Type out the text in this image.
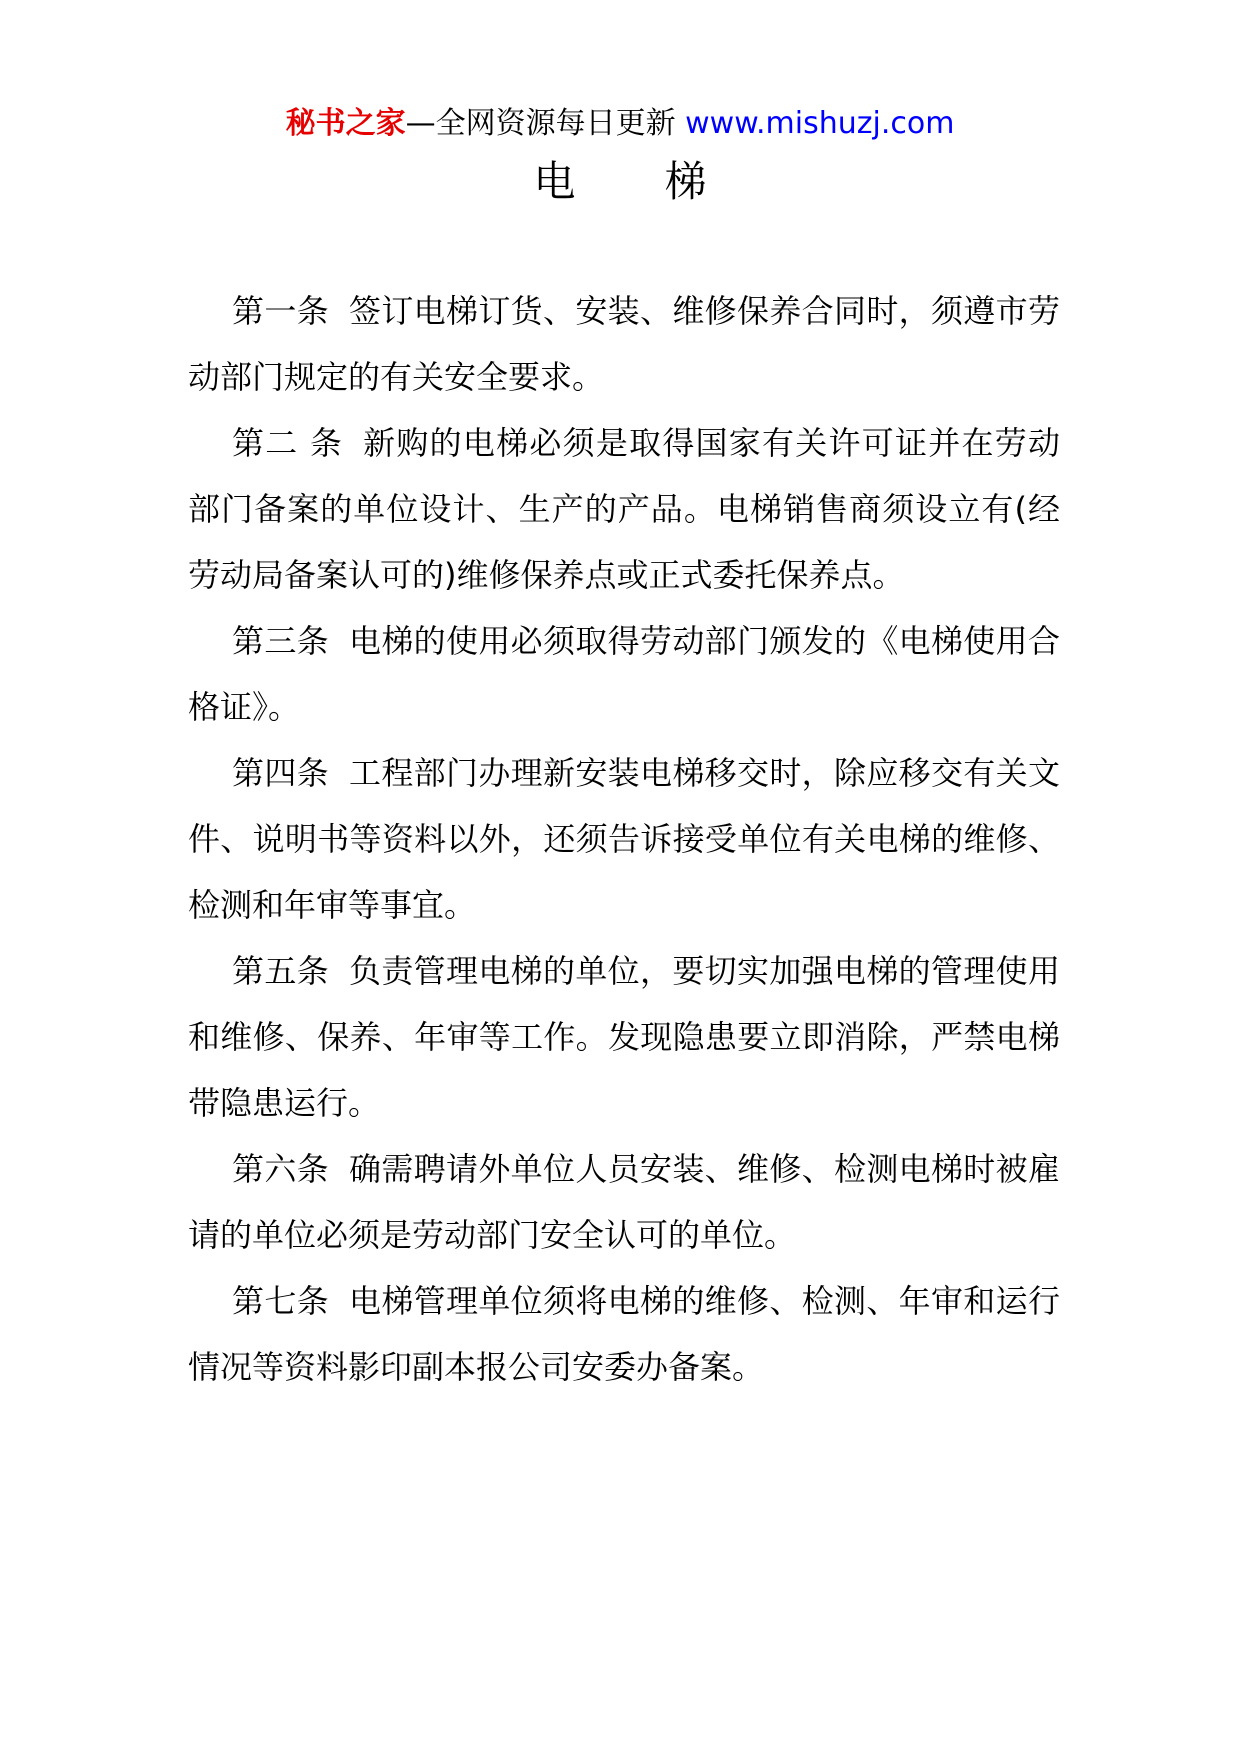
秘书之家—全网资源每日更新 www.mishuzj.com
电 梯

第一条 签订电梯订货、安装、维修保养合同时，须遵市劳动部门规定的有关安全要求。

第二 条 新购的电梯必须是取得国家有关许可证并在劳动部门备案的单位设计、生产的产品。电梯销售商须设立有(经劳动局备案认可的)维修保养点或正式委托保养点。

第三条 电梯的使用必须取得劳动部门颁发的《电梯使用合格证》。

第四条 工程部门办理新安装电梯移交时，除应移交有关文件、说明书等资料以外，还须告诉接受单位有关电梯的维修、检测和年审等事宜。

第五条 负责管理电梯的单位，要切实加强电梯的管理使用和维修、保养、年审等工作。发现隐患要立即消除，严禁电梯带隐患运行。

第六条 确需聘请外单位人员安装、维修、检测电梯时被雇请的单位必须是劳动部门安全认可的单位。

第七条 电梯管理单位须将电梯的维修、检测、年审和运行情况等资料影印副本报公司安委办备案。
